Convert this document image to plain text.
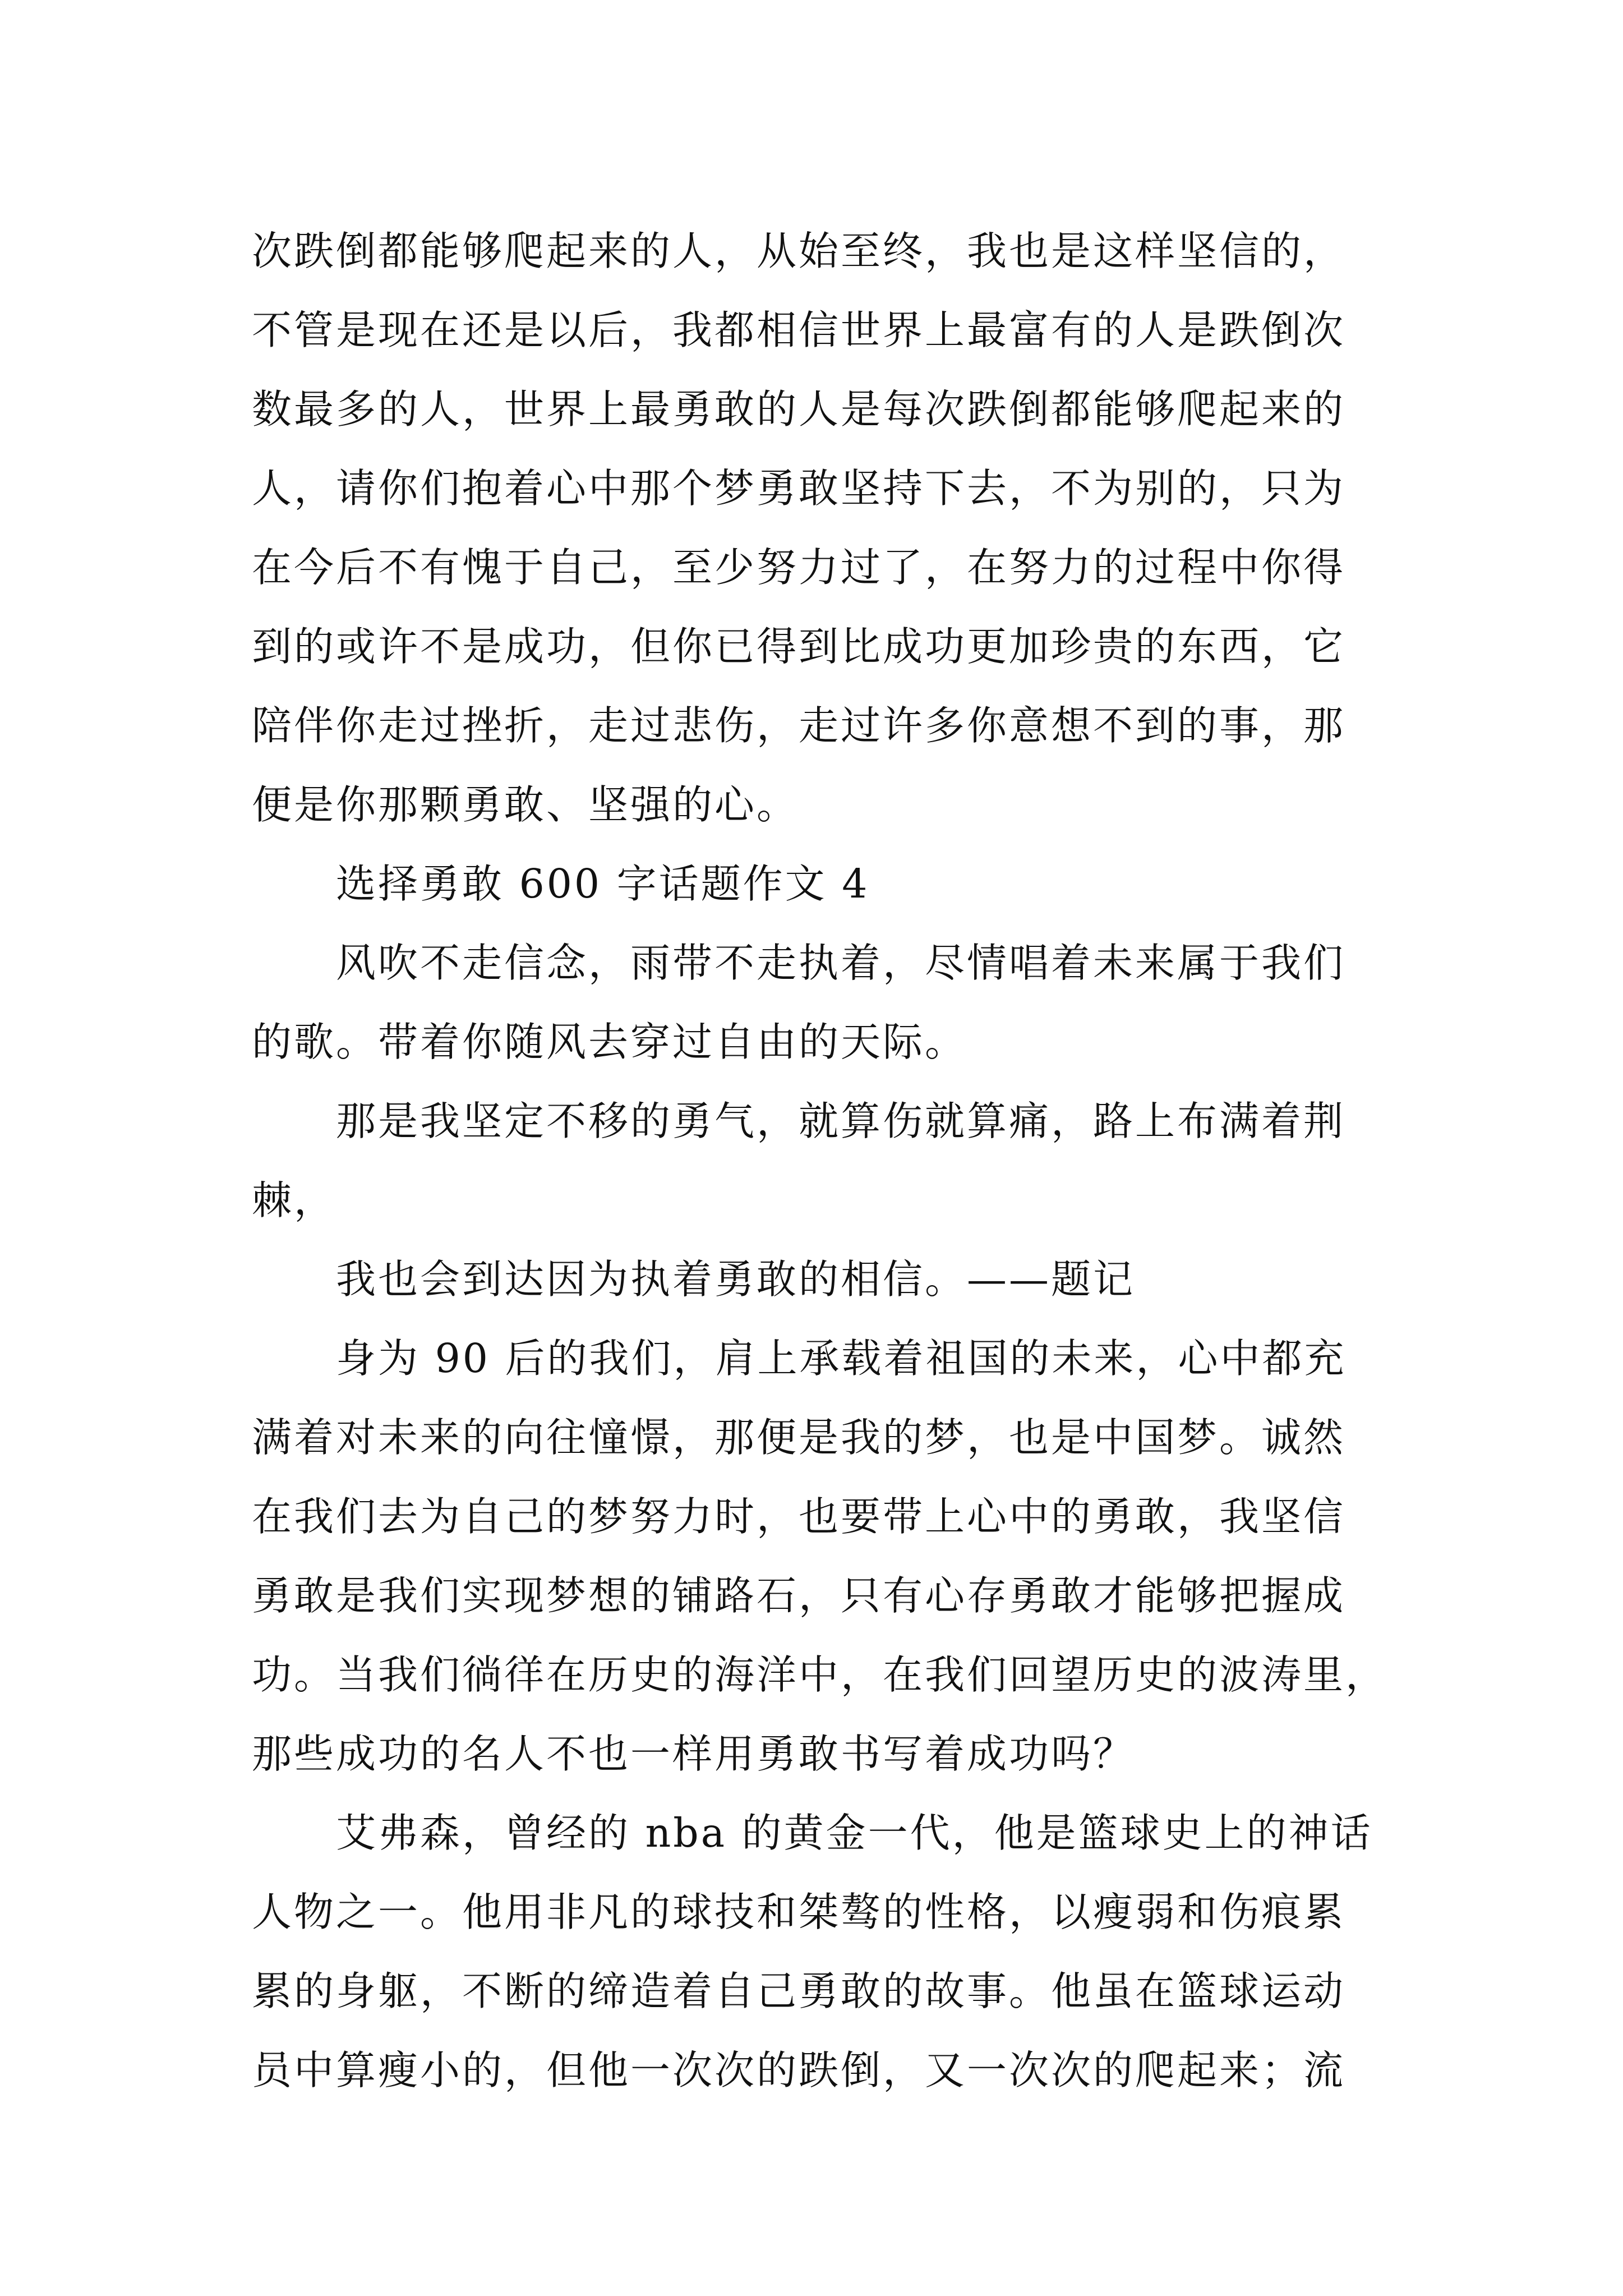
次跌倒都能够爬起来的人，从始至终，我也是这样坚信的，
不管是现在还是以后，我都相信世界上最富有的人是跌倒次
数最多的人，世界上最勇敢的人是每次跌倒都能够爬起来的
人，请你们抱着心中那个梦勇敢坚持下去，不为别的，只为
在今后不有愧于自己，至少努力过了，在努力的过程中你得
到的或许不是成功，但你已得到比成功更加珍贵的东西，它
陪伴你走过挫折，走过悲伤，走过许多你意想不到的事，那
便是你那颗勇敢、坚强的心。
选择勇敢 600 字话题作文 4
风吹不走信念，雨带不走执着，尽情唱着未来属于我们
的歌。带着你随风去穿过自由的天际。
那是我坚定不移的勇气，就算伤就算痛，路上布满着荆
棘，
我也会到达因为执着勇敢的相信。——题记
身为 90 后的我们，肩上承载着祖国的未来，心中都充
满着对未来的向往憧憬，那便是我的梦，也是中国梦。诚然
在我们去为自己的梦努力时，也要带上心中的勇敢，我坚信
勇敢是我们实现梦想的铺路石，只有心存勇敢才能够把握成
功。当我们徜徉在历史的海洋中，在我们回望历史的波涛里，
那些成功的名人不也一样用勇敢书写着成功吗？
艾弗森，曾经的 nba 的黄金一代，他是篮球史上的神话
人物之一。他用非凡的球技和桀骜的性格，以瘦弱和伤痕累
累的身躯，不断的缔造着自己勇敢的故事。他虽在篮球运动
员中算瘦小的，但他一次次的跌倒，又一次次的爬起来；流
